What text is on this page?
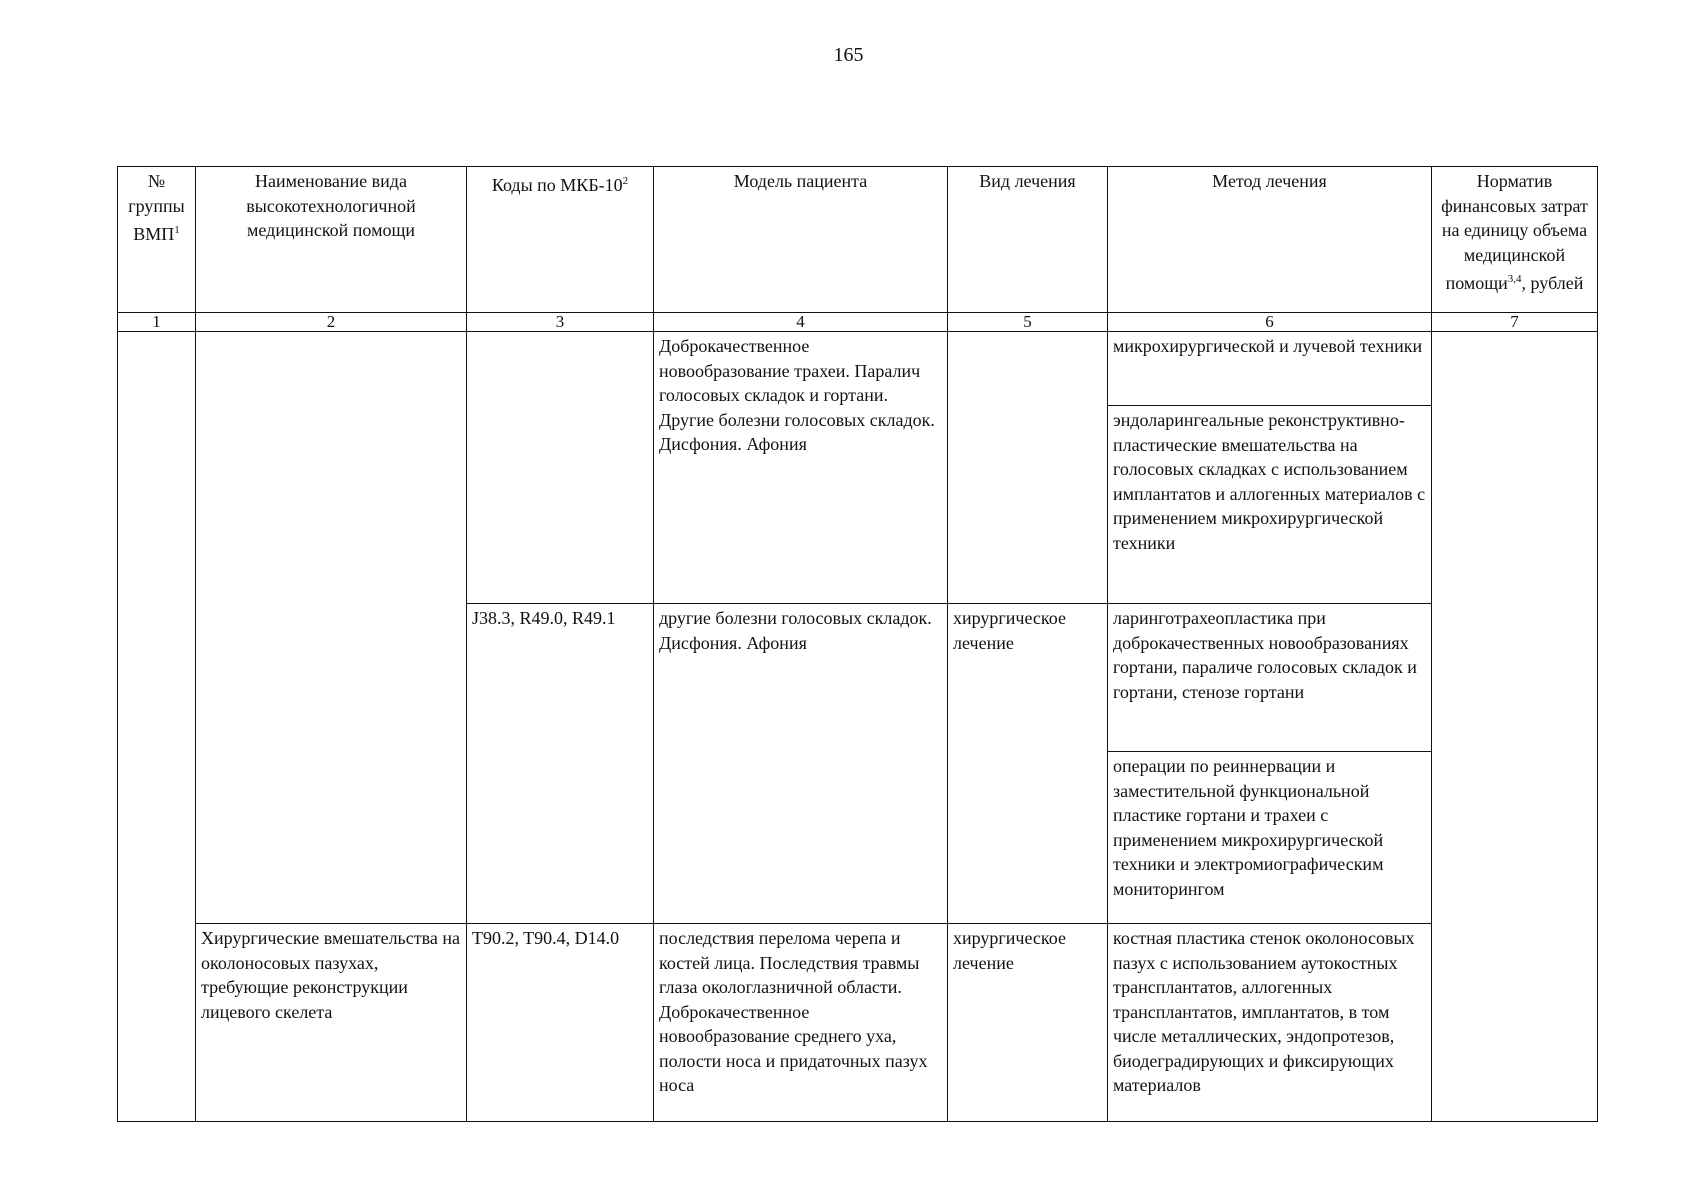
165
№ группы ВМП$^1$	Наименование вида высокотехнологичной медицинской помощи	Коды по МКБ-$10^2$	Модель пациента	Вид лечения	Метод лечения	Норматив финансовых затрат на единицу объема медицинской помощи$^{3,4}$, рублей
1	2	3	4	5	6	7
			Доброкачественное новообразование трахеи. Паралич голосовых складок и гортани. Другие болезни голосовых складок. Дисфония. Афония		микрохирургической и лучевой техники	
					эндоларингеальные реконструктивно-пластические вмешательства на голосовых складках с использованием имплантатов и аллогенных материалов с применением микрохирургической техники	
		J38.3, R49.0, R49.1	другие болезни голосовых складок. Дисфония. Афония	хирургическое лечение	ларинготрахеопластика при доброкачественных новообразованиях гортани, параличе голосовых складок и гортани, стенозе гортани	
					операции по реиннервации и заместительной функциональной пластике гортани и трахеи с применением микрохирургической техники и электромиографическим мониторингом	
	Хирургические вмешательства на околоносовых пазухах, требующие реконструкции лицевого скелета	T90.2, T90.4, D14.0	последствия перелома черепа и костей лица. Последствия травмы глаза окологлазничной области. Доброкачественное новообразование среднего уха, полости носа и придаточных пазух носа	хирургическое лечение	костная пластика стенок околоносовых пазух с использованием аутокостных трансплантатов, аллогенных трансплантатов, имплантатов, в том числе металлических, эндопротезов, биодеградирующих и фиксирующих материалов	
